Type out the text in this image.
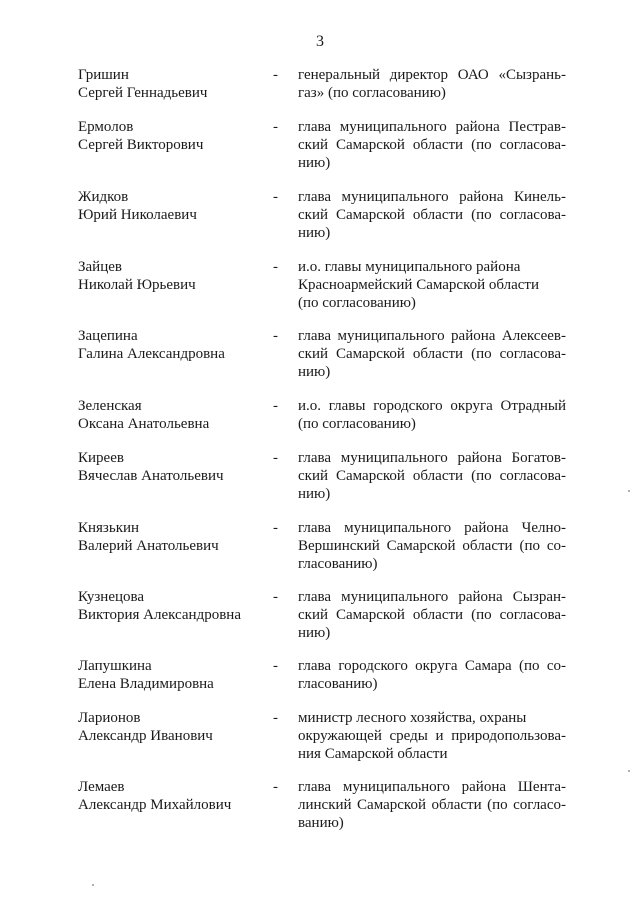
3
Гришин
Сергей Геннадьевич
- генеральный директор ОАО «Сызрань-
газ» (по согласованию)
Ермолов
Сергей Викторович
- глава муниципального района Пестрав-
ский Самарской области (по согласова-
нию)
Жидков
Юрий Николаевич
- глава муниципального района Кинель-
ский Самарской области (по согласова-
нию)
Зайцев
Николай Юрьевич
- и.о. главы муниципального района
Красноармейский Самарской области
(по согласованию)
Зацепина
Галина Александровна
- глава муниципального района Алексеев-
ский Самарской области (по согласова-
нию)
Зеленская
Оксана Анатольевна
- и.о. главы городского округа Отрадный
(по согласованию)
Киреев
Вячеслав Анатольевич
- глава муниципального района Богатов-
ский Самарской области (по согласова-
нию)
Князькин
Валерий Анатольевич
- глава муниципального района Челно-
Вершинский Самарской области (по со-
гласованию)
Кузнецова
Виктория Александровна
- глава муниципального района Сызран-
ский Самарской области (по согласова-
нию)
Лапушкина
Елена Владимировна
- глава городского округа Самара (по со-
гласованию)
Ларионов
Александр Иванович
- министр лесного хозяйства, охраны
окружающей среды и природопользова-
ния Самарской области
Лемаев
Александр Михайлович
- глава муниципального района Шента-
линский Самарской области (по согласо-
ванию)
